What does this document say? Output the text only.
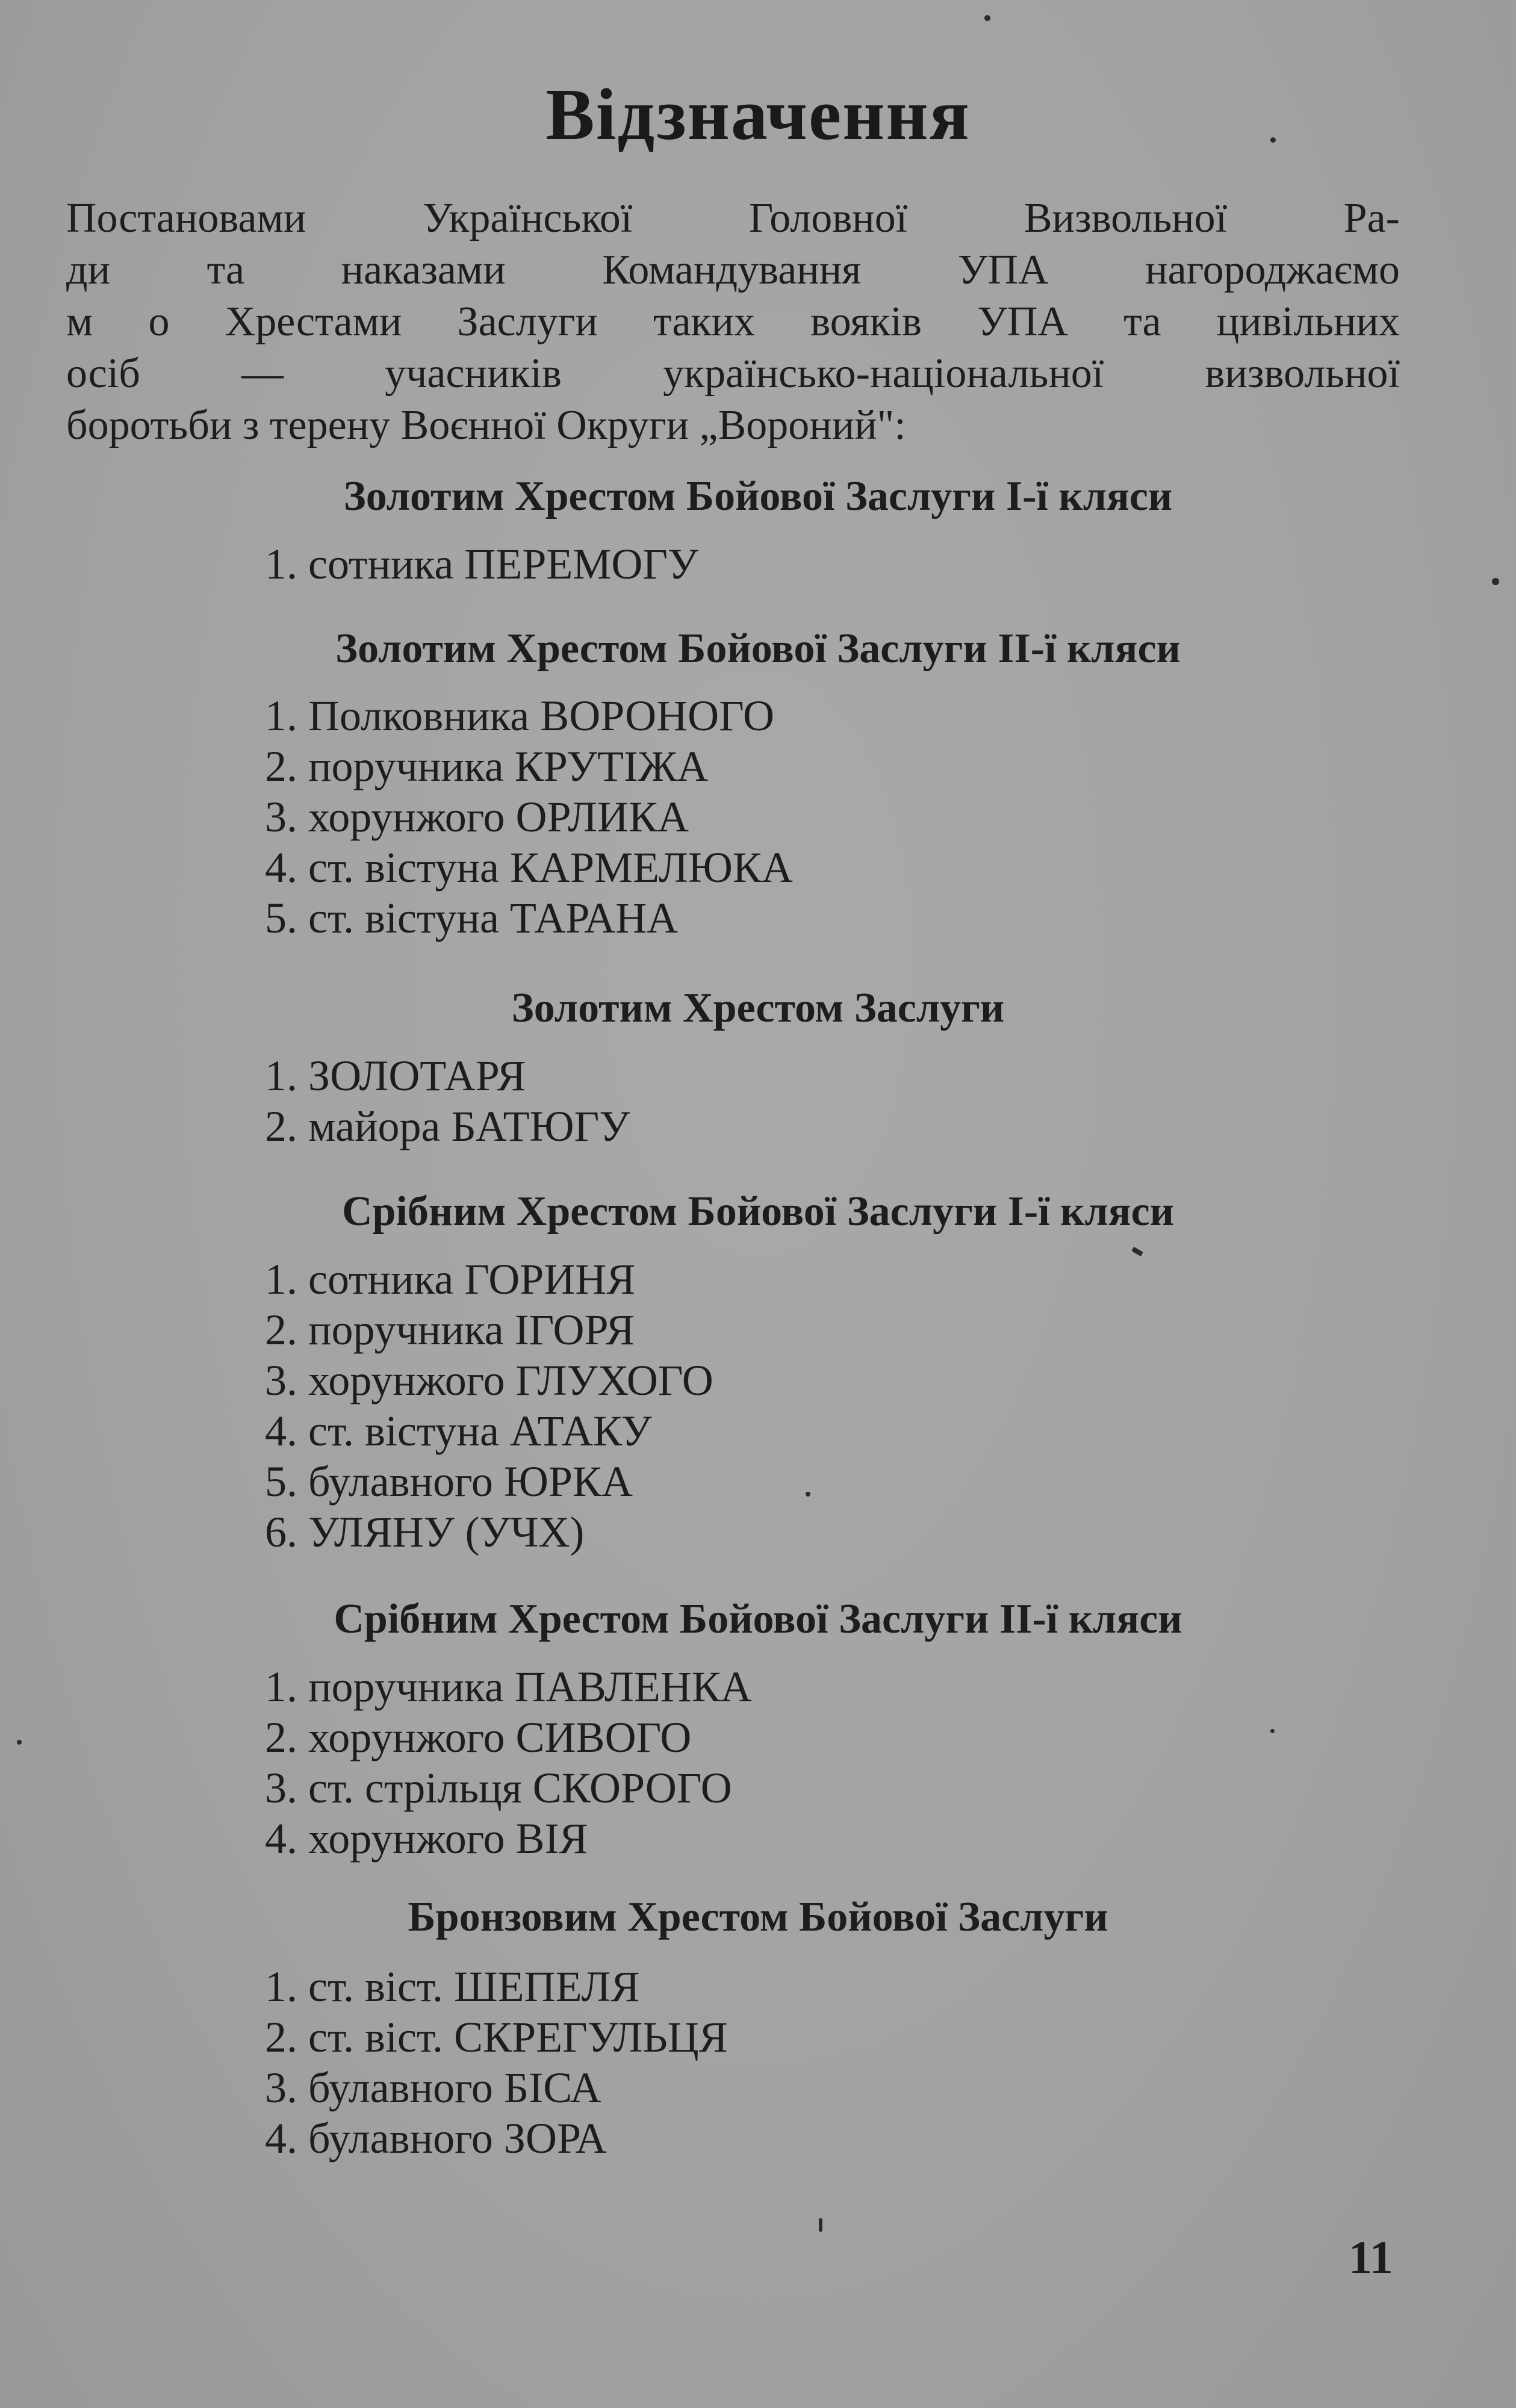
Відзначення
Постановами Української Головної Визвольної Ра-
ди та наказами Командування УПА нагороджаємо
м о Хрестами Заслуги таких вояків УПА та цивільних
осіб — учасників українсько-національної визвольної
боротьби з терену Воєнної Округи „Вороний":
Золотим Хрестом Бойової Заслуги І-ї кляси
1. сотника ПЕРЕМОГУ
Золотим Хрестом Бойової Заслуги ІІ-ї кляси
1. Полковника ВОРОНОГО
2. поручника КРУТІЖА
3. хорунжого ОРЛИКА
4. ст. вістуна КАРМЕЛЮКА
5. ст. вістуна ТАРАНА
Золотим Хрестом Заслуги
1. ЗОЛОТАРЯ
2. майора БАТЮГУ
Срібним Хрестом Бойової Заслуги І-ї кляси
1. сотника ГОРИНЯ
2. поручника ІГОРЯ
3. хорунжого ГЛУХОГО
4. ст. вістуна АТАКУ
5. булавного ЮРКА
6. УЛЯНУ (УЧХ)
Срібним Хрестом Бойової Заслуги ІІ-ї кляси
1. поручника ПАВЛЕНКА
2. хорунжого СИВОГО
3. ст. стрільця СКОРОГО
4. хорунжого ВІЯ
Бронзовим Хрестом Бойової Заслуги
1. ст. віст. ШЕПЕЛЯ
2. ст. віст. СКРЕГУЛЬЦЯ
3. булавного БІСА
4. булавного ЗОРА
11
